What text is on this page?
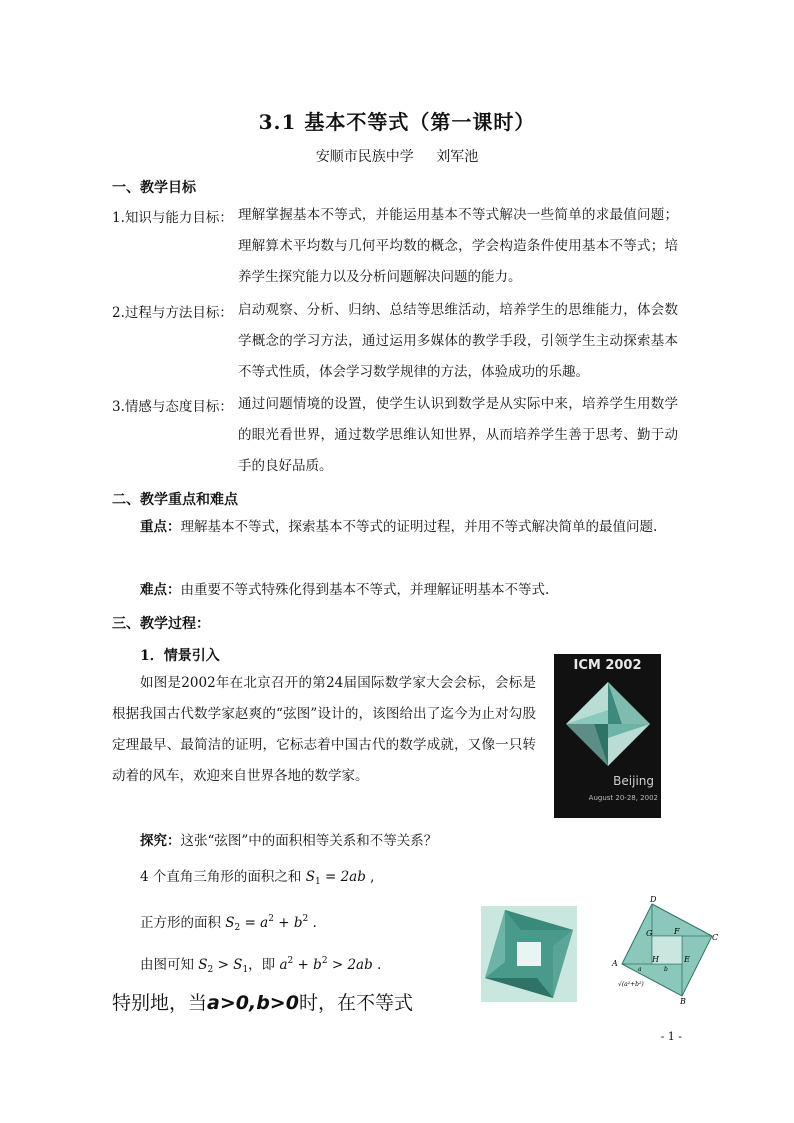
3.1 基本不等式（第一课时）
安顺市民族中学 刘军池
一、教学目标
1.知识与能力目标： 理解掌握基本不等式，并能运用基本不等式解决一些简单的求最值问题；理解算术平均数与几何平均数的概念，学会构造条件使用基本不等式；培养学生探究能力以及分析问题解决问题的能力。
2.过程与方法目标： 启动观察、分析、归纳、总结等思维活动，培养学生的思维能力，体会数学概念的学习方法，通过运用多媒体的教学手段，引领学生主动探索基本不等式性质，体会学习数学规律的方法，体验成功的乐趣。
3.情感与态度目标： 通过问题情境的设置，使学生认识到数学是从实际中来，培养学生用数学的眼光看世界，通过数学思维认知世界，从而培养学生善于思考、勤于动手的良好品质。
二、教学重点和难点
重点：理解基本不等式，探索基本不等式的证明过程，并用不等式解决简单的最值问题.
难点：由重要不等式特殊化得到基本不等式，并理解证明基本不等式.
三、教学过程：
1．情景引入
如图是2002年在北京召开的第24届国际数学家大会会标，会标是根据我国古代数学家赵爽的“弦图”设计的，该图给出了迄今为止对勾股定理最早、最简洁的证明，它标志着中国古代的数学成就，又像一只转动着的风车，欢迎来自世界各地的数学家。
ICM 2002
Beijing
August 20-28, 2002
探究：这张“弦图”中的面积相等关系和不等关系？
4 个直角三角形的面积之和 $S_1 = 2ab$ ,
正方形的面积 $S_2 = a^2 + b^2$ .
由图可知 $S_2 > S_1$，即 $a^2 + b^2 > 2ab$ .
D
C
G	F
A	H	E
B
a	b
√(a²+b²)
特别地，当a>0,b>0时，在不等式
- 1 -
